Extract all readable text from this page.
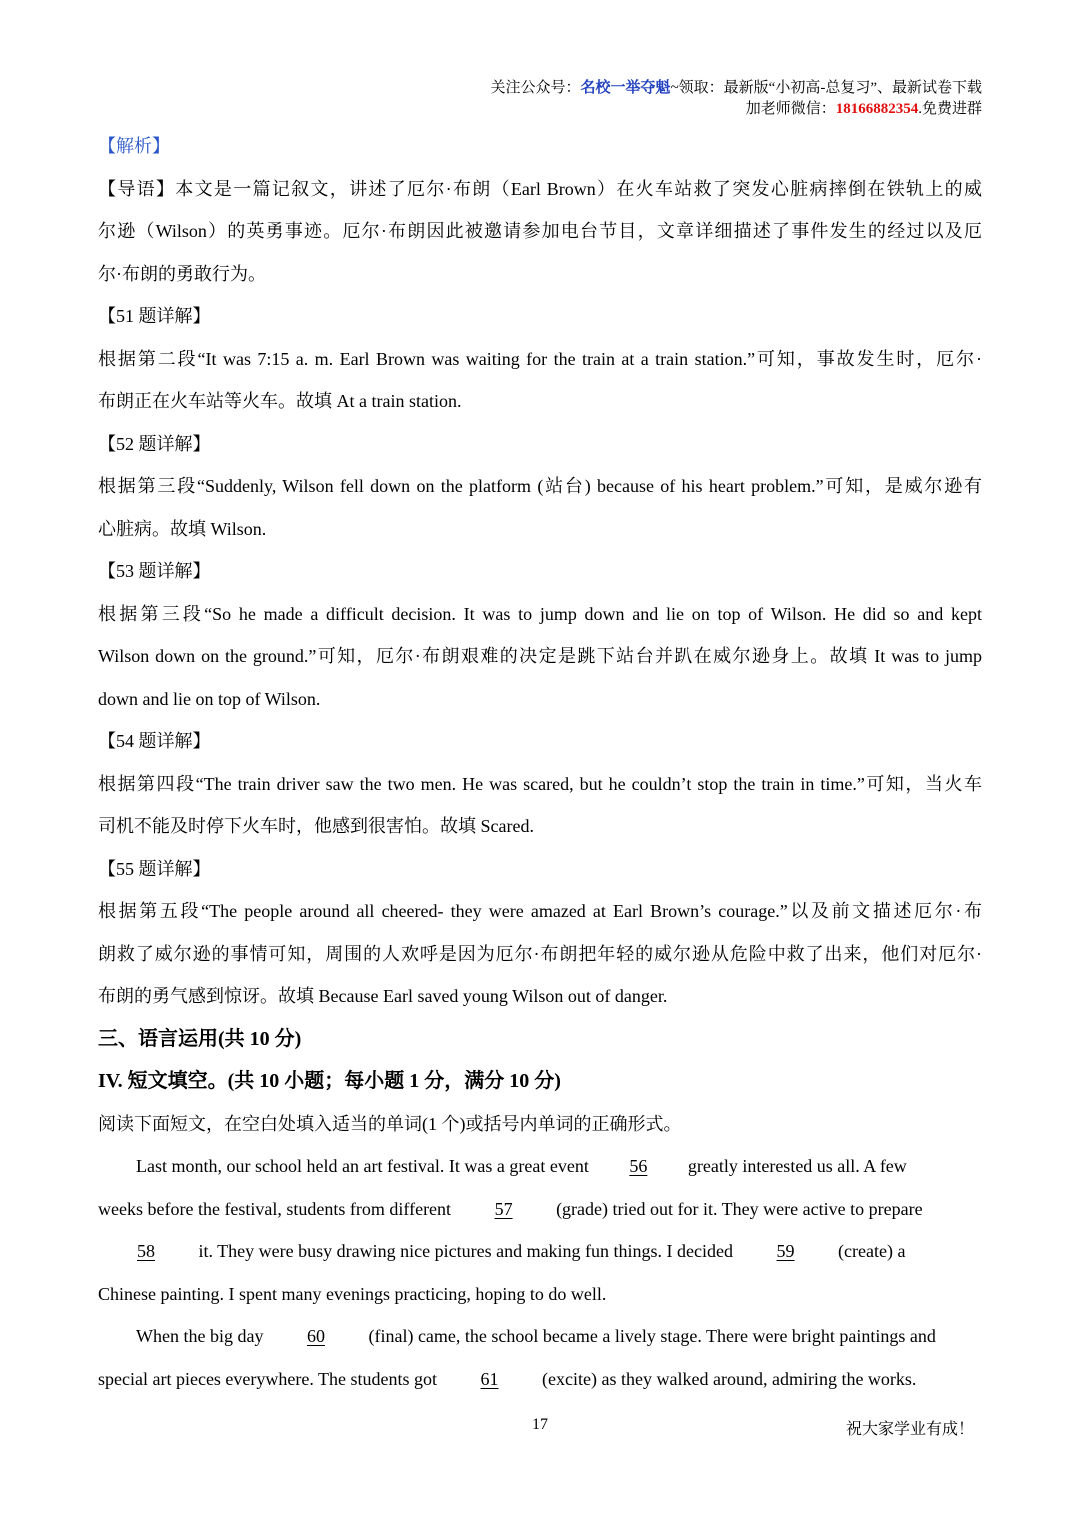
关注公众号：名校一举夺魁~领取：最新版“小初高-总复习”、最新试卷下载
加老师微信：18166882354.免费进群
【解析】
【导语】本文是一篇记叙文，讲述了厄尔·布朗（Earl Brown）在火车站救了突发心脏病摔倒在铁轨上的威
尔逊（Wilson）的英勇事迹。厄尔·布朗因此被邀请参加电台节目，文章详细描述了事件发生的经过以及厄
尔·布朗的勇敢行为。
【51 题详解】
根据第二段“It was 7:15 a. m. Earl Brown was waiting for the train at a train station.”可知，事故发生时，厄尔·
布朗正在火车站等火车。故填 At a train station.
【52 题详解】
根据第三段“Suddenly, Wilson fell down on the platform (站台) because of his heart problem.”可知，是威尔逊有
心脏病。故填 Wilson.
【53 题详解】
根据第三段“So he made a difficult decision. It was to jump down and lie on top of Wilson. He did so and kept
Wilson down on the ground.”可知，厄尔·布朗艰难的决定是跳下站台并趴在威尔逊身上。故填 It was to jump
down and lie on top of Wilson.
【54 题详解】
根据第四段“The train driver saw the two men. He was scared, but he couldn’t stop the train in time.”可知，当火车
司机不能及时停下火车时，他感到很害怕。故填 Scared.
【55 题详解】
根据第五段“The people around all cheered- they were amazed at Earl Brown’s courage.”以及前文描述厄尔·布
朗救了威尔逊的事情可知，周围的人欢呼是因为厄尔·布朗把年轻的威尔逊从危险中救了出来，他们对厄尔·
布朗的勇气感到惊讶。故填 Because Earl saved young Wilson out of danger.
三、语言运用(共 10 分)
IV. 短文填空。(共 10 小题；每小题 1 分，满分 10 分)
阅读下面短文，在空白处填入适当的单词(1 个)或括号内单词的正确形式。
Last month, our school held an art festival. It was a great event 56 greatly interested us all. A few
weeks before the festival, students from different 57 (grade) tried out for it. They were active to prepare
58 it. They were busy drawing nice pictures and making fun things. I decided 59 (create) a
Chinese painting. I spent many evenings practicing, hoping to do well.
When the big day 60 (final) came, the school became a lively stage. There were bright paintings and
special art pieces everywhere. The students got 61 (excite) as they walked around, admiring the works.
17	祝大家学业有成！
